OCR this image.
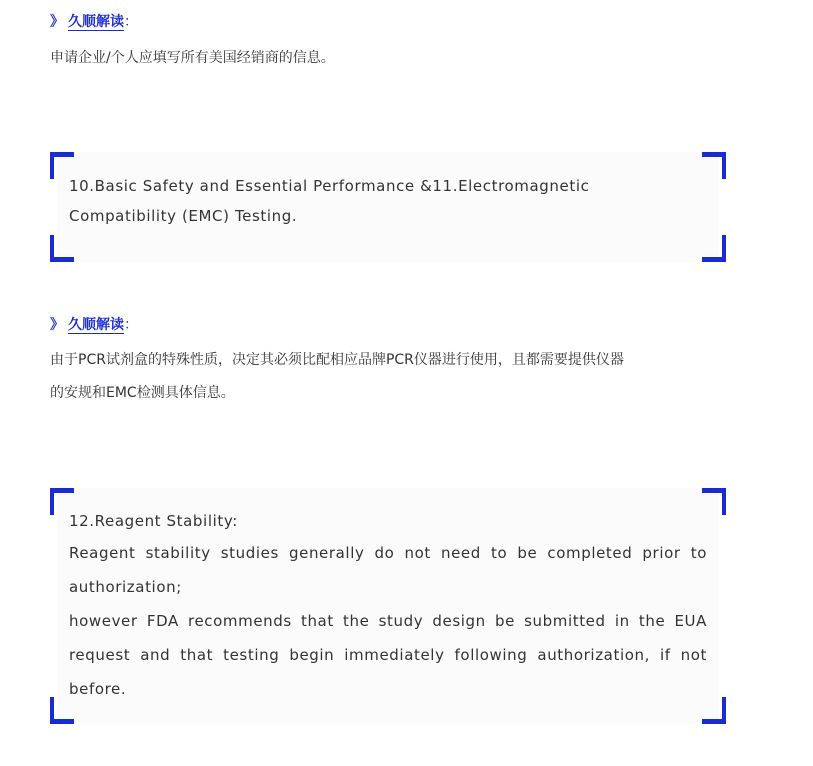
》 久顺解读：
申请企业/个人应填写所有美国经销商的信息。
10.Basic Safety and Essential Performance &11.Electromagnetic
Compatibility (EMC) Testing.
》 久顺解读：
由于PCR试剂盒的特殊性质，决定其必须比配相应品牌PCR仪器进行使用，且都需要提供仪器
的安规和EMC检测具体信息。
12.Reagent Stability:
Reagent stability studies generally do not need to be completed prior to
authorization;
however FDA recommends that the study design be submitted in the EUA
request and that testing begin immediately following authorization, if not
before.
